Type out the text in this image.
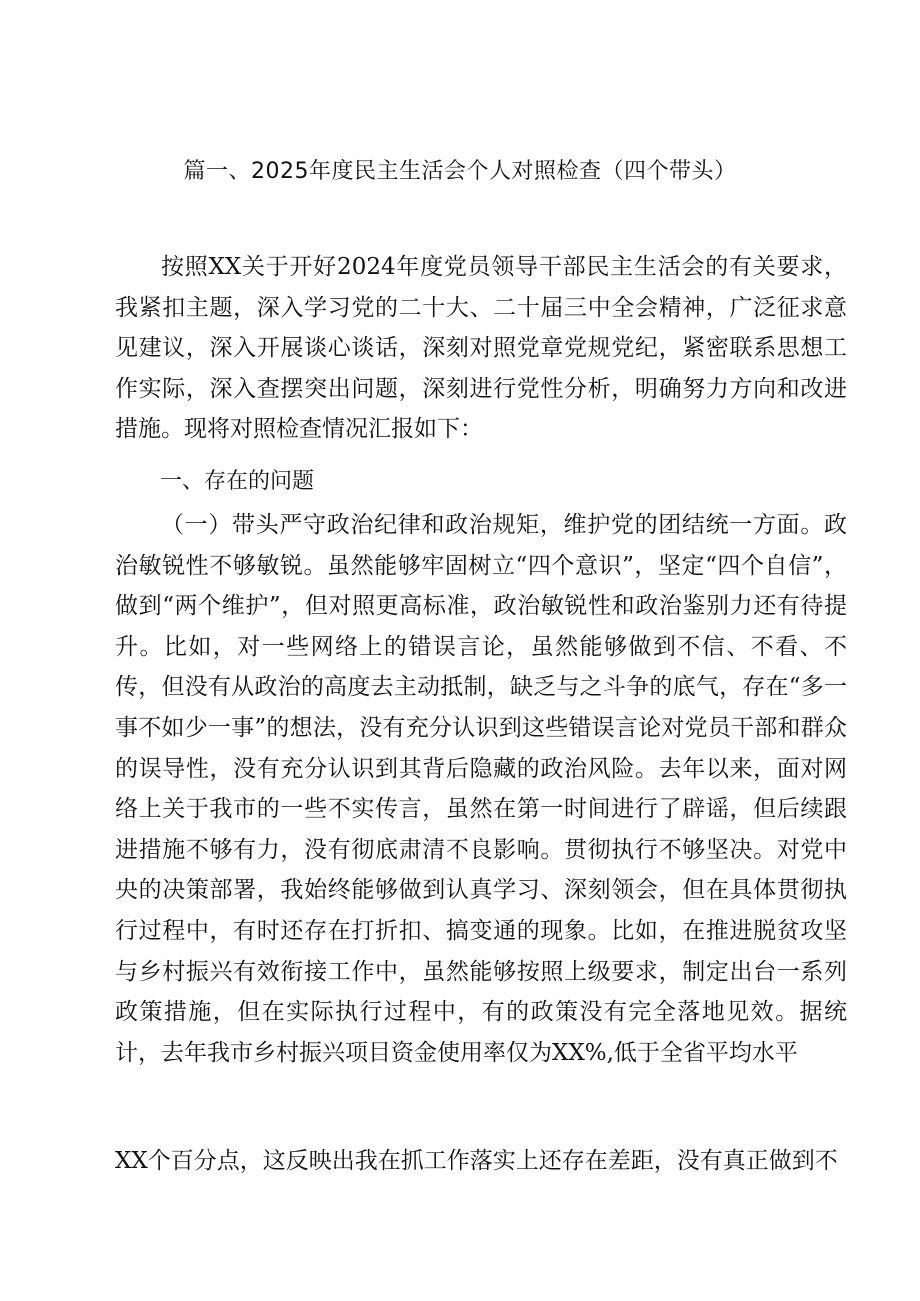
篇一、2025年度民主生活会个人对照检查（四个带头）
按照XX关于开好2024年度党员领导干部民主生活会的有关要求，我紧扣主题，深入学习党的二十大、二十届三中全会精神，广泛征求意见建议，深入开展谈心谈话，深刻对照党章党规党纪，紧密联系思想工作实际，深入查摆突出问题，深刻进行党性分析，明确努力方向和改进措施。现将对照检查情况汇报如下：
一、存在的问题
（一）带头严守政治纪律和政治规矩，维护党的团结统一方面。政治敏锐性不够敏锐。虽然能够牢固树立“四个意识”，坚定“四个自信”，做到“两个维护”，但对照更高标准，政治敏锐性和政治鉴别力还有待提升。比如，对一些网络上的错误言论，虽然能够做到不信、不看、不传，但没有从政治的高度去主动抵制，缺乏与之斗争的底气，存在“多一事不如少一事”的想法，没有充分认识到这些错误言论对党员干部和群众的误导性，没有充分认识到其背后隐藏的政治风险。去年以来，面对网络上关于我市的一些不实传言，虽然在第一时间进行了辟谣，但后续跟进措施不够有力，没有彻底肃清不良影响。贯彻执行不够坚决。对党中央的决策部署，我始终能够做到认真学习、深刻领会，但在具体贯彻执行过程中，有时还存在打折扣、搞变通的现象。比如，在推进脱贫攻坚与乡村振兴有效衔接工作中，虽然能够按照上级要求，制定出台一系列政策措施，但在实际执行过程中，有的政策没有完全落地见效。据统计，去年我市乡村振兴项目资金使用率仅为XX%,低于全省平均水平
XX个百分点，这反映出我在抓工作落实上还存在差距，没有真正做到不
